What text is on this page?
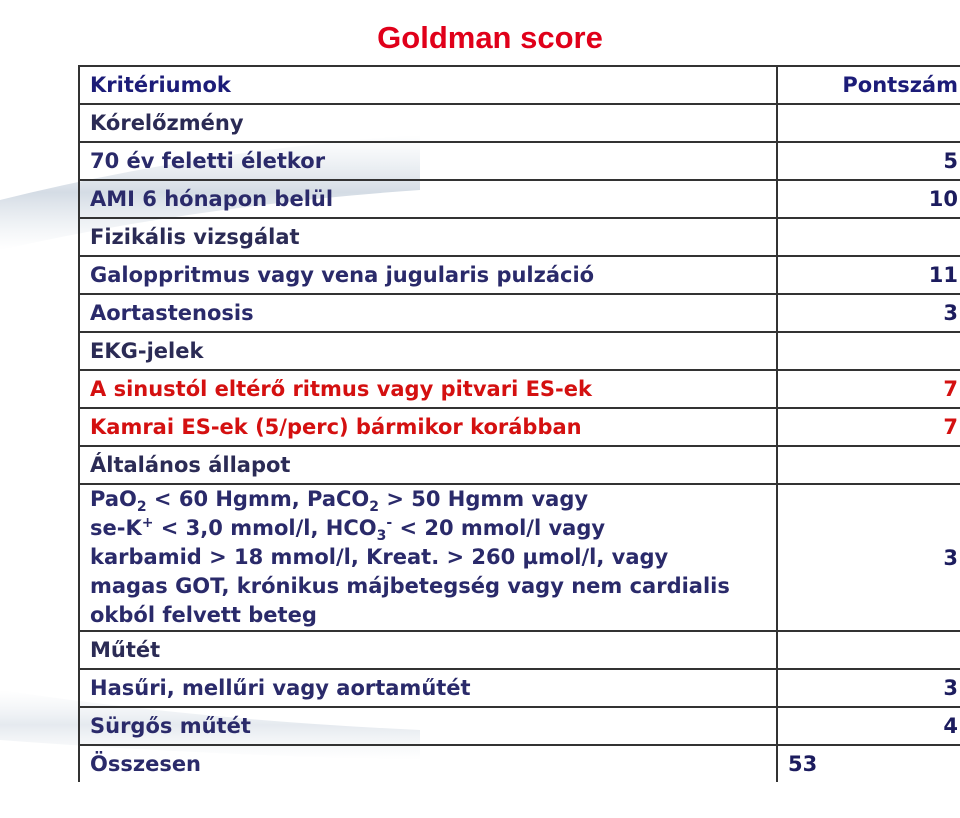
Goldman score
Kritériumok	Pontszám
Kórelőzmény	
70 év feletti életkor	5
AMI 6 hónapon belül	10
Fizikális vizsgálat	
Galoppritmus vagy vena jugularis pulzáció	11
Aortastenosis	3
EKG-jelek	
A sinustól eltérő ritmus vagy pitvari ES-ek	7
Kamrai ES-ek (5/perc) bármikor korábban	7
Általános állapot	

PaO$_2$ < 60 Hgmm, PaCO$_2$ > 50 Hgmm vagy
se-K+ < 3,0 mmol/l, $HCO_3^- < 20$ mmol/l vagy
karbamid > 18 mmol/l, Kreat. > 260 µmol/l, vagy
magas GOT, krónikus májbetegség vagy nem cardialis
okból felvett beteg	3
Műtét	
Hasűri, mellűri vagy aortaműtét	3
Sürgős műtét	4
Összesen	53
